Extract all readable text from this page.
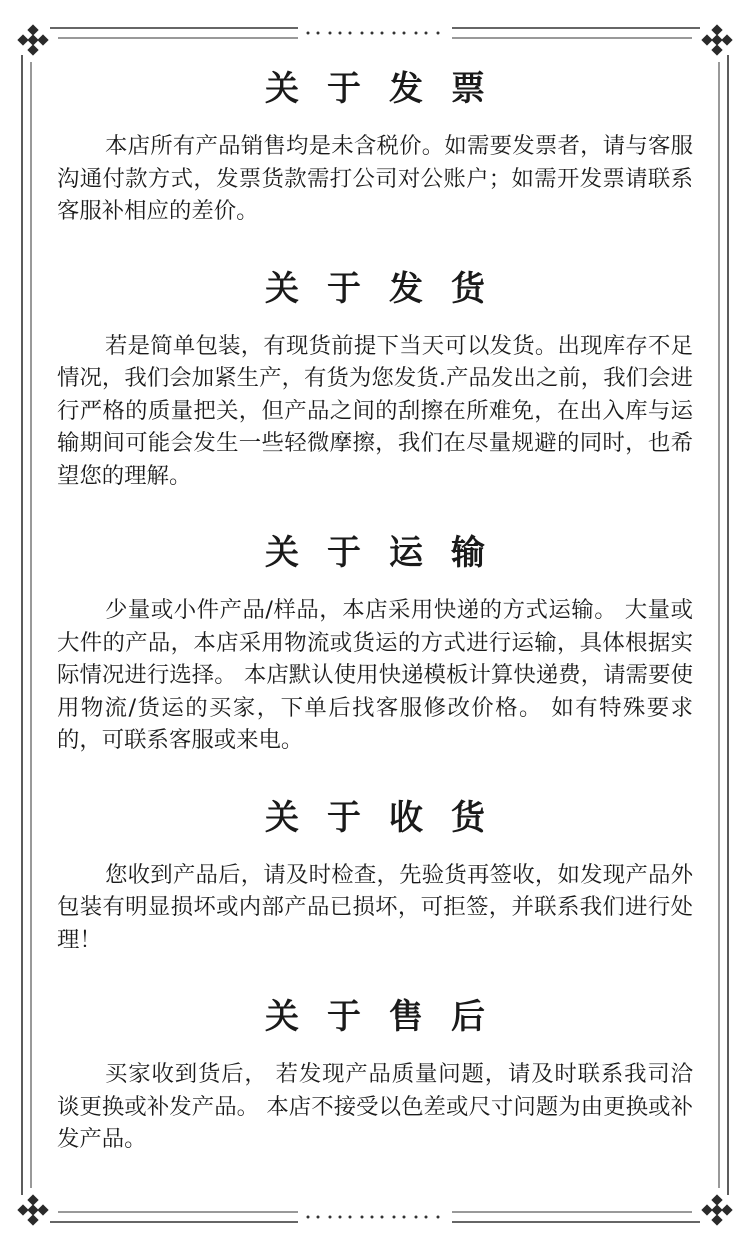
关于发票

本店所有产品销售均是未含税价。如需要发票者，请与客服沟通付款方式，发票货款需打公司对公账户；如需开发票请联系客服补相应的差价。

关于发货

若是简单包装，有现货前提下当天可以发货。出现库存不足情况，我们会加紧生产，有货为您发货.产品发出之前，我们会进行严格的质量把关，但产品之间的刮擦在所难免，在出入库与运输期间可能会发生一些轻微摩擦，我们在尽量规避的同时，也希望您的理解。

关于运输

少量或小件产品/样品，本店采用快递的方式运输。 大量或大件的产品，本店采用物流或货运的方式进行运输，具体根据实际情况进行选择。 本店默认使用快递模板计算快递费，请需要使用物流/货运的买家，下单后找客服修改价格。 如有特殊要求的，可联系客服或来电。

关于收货

您收到产品后，请及时检查，先验货再签收，如发现产品外包装有明显损坏或内部产品已损坏，可拒签，并联系我们进行处理！

关于售后

买家收到货后， 若发现产品质量问题，请及时联系我司洽谈更换或补发产品。 本店不接受以色差或尺寸问题为由更换或补发产品。
